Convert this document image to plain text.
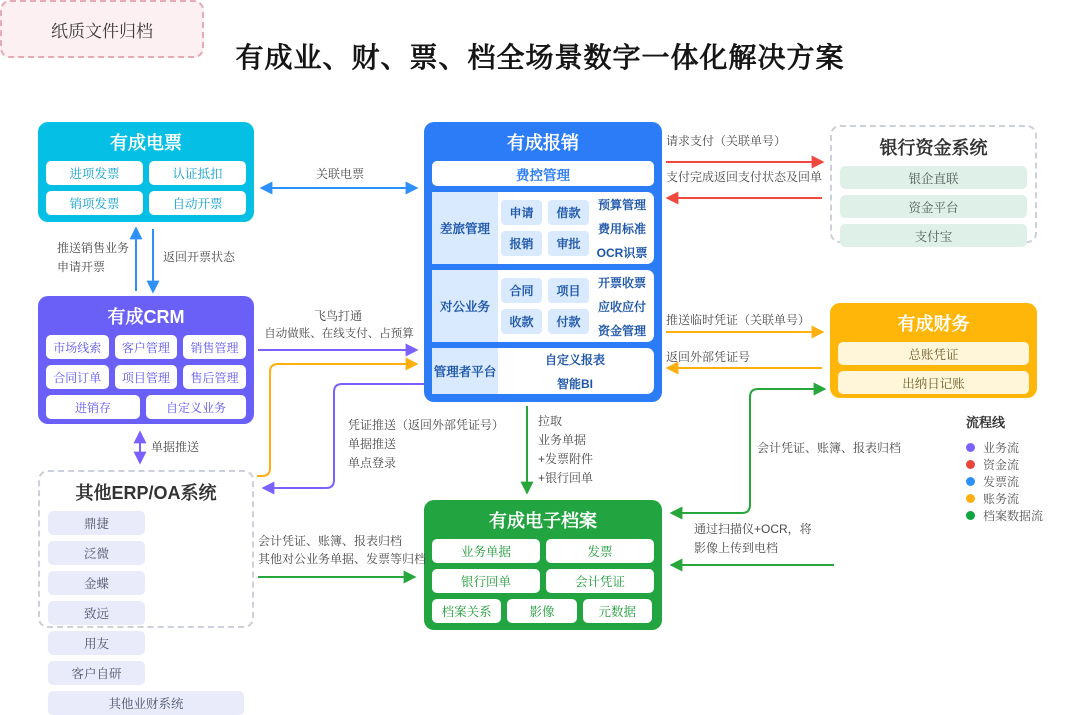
有成业、财、票、档全场景数字一体化解决方案
有成电票
进项发票	认证抵扣
销项发票	自动开票
有成报销
费控管理
差旅管理
申请	借款
报销	审批
预算管理
费用标准
OCR识票
对公业务
合同	项目
收款	付款
开票收票
应收应付
资金管理
管理者平台
自定义报表
智能BI
银行资金系统
银企直联
资金平台
支付宝
有成CRM
市场线索	客户管理	销售管理
合同订单	项目管理	售后管理
进销存	自定义业务
有成财务
总账凭证
出纳日记账
其他ERP/OA系统
鼎捷
泛微
金蝶
致远
用友
客户自研
其他业财系统
有成电子档案
业务单据	发票
银行回单	会计凭证
档案关系	影像	元数据
纸质文件归档
流程线
业务流
资金流
发票流
账务流
档案数据流
关联电票
请求支付（关联单号）
支付完成返回支付状态及回单
推送销售业务
申请开票
返回开票状态
飞鸟打通
自动做账、在线支付、占预算
推送临时凭证（关联单号）
返回外部凭证号
单据推送
凭证推送（返回外部凭证号）
单据推送
单点登录
拉取
业务单据
+发票附件
+银行回单
会计凭证、账簿、报表归档
通过扫描仪+OCR，将
影像上传到电档
会计凭证、账簿、报表归档
其他对公业务单据、发票等归档
